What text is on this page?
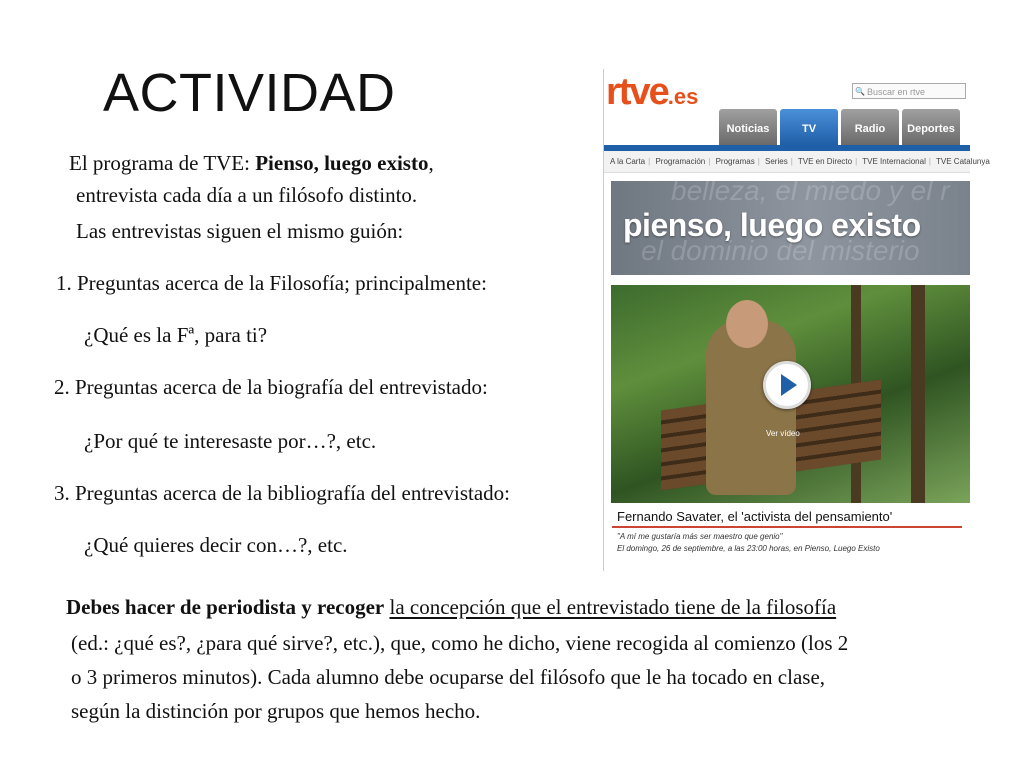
ACTIVIDAD
El programa de TVE: Pienso, luego existo,
entrevista cada día a un filósofo distinto.
Las entrevistas siguen el mismo guión:
1. Preguntas acerca de la Filosofía; principalmente:
¿Qué es la Fª, para ti?
2. Preguntas acerca de la biografía del entrevistado:
¿Por qué te interesaste por…?, etc.
3. Preguntas acerca de la bibliografía del entrevistado:
¿Qué quieres decir con…?, etc.
rtve.es
🔍	Buscar en rtve
Noticias	TV	Radio	Deportes
A la Carta | Programación | Programas | Series | TVE en Directo | TVE Internacional | TVE Catalunya
belleza, el miedo y el r
el dominio del misterio
pienso, luego existo
Ver vídeo
Fernando Savater, el 'activista del pensamiento'
"A mí me gustaría más ser maestro que genio"
El domingo, 26 de septiembre, a las 23:00 horas, en Pienso, Luego Existo
Debes hacer de periodista y recoger la concepción que el entrevistado tiene de la filosofía
(ed.: ¿qué es?, ¿para qué sirve?, etc.), que, como he dicho, viene recogida al comienzo (los 2
o 3 primeros minutos). Cada alumno debe ocuparse del filósofo que le ha tocado en clase,
según la distinción por grupos que hemos hecho.
